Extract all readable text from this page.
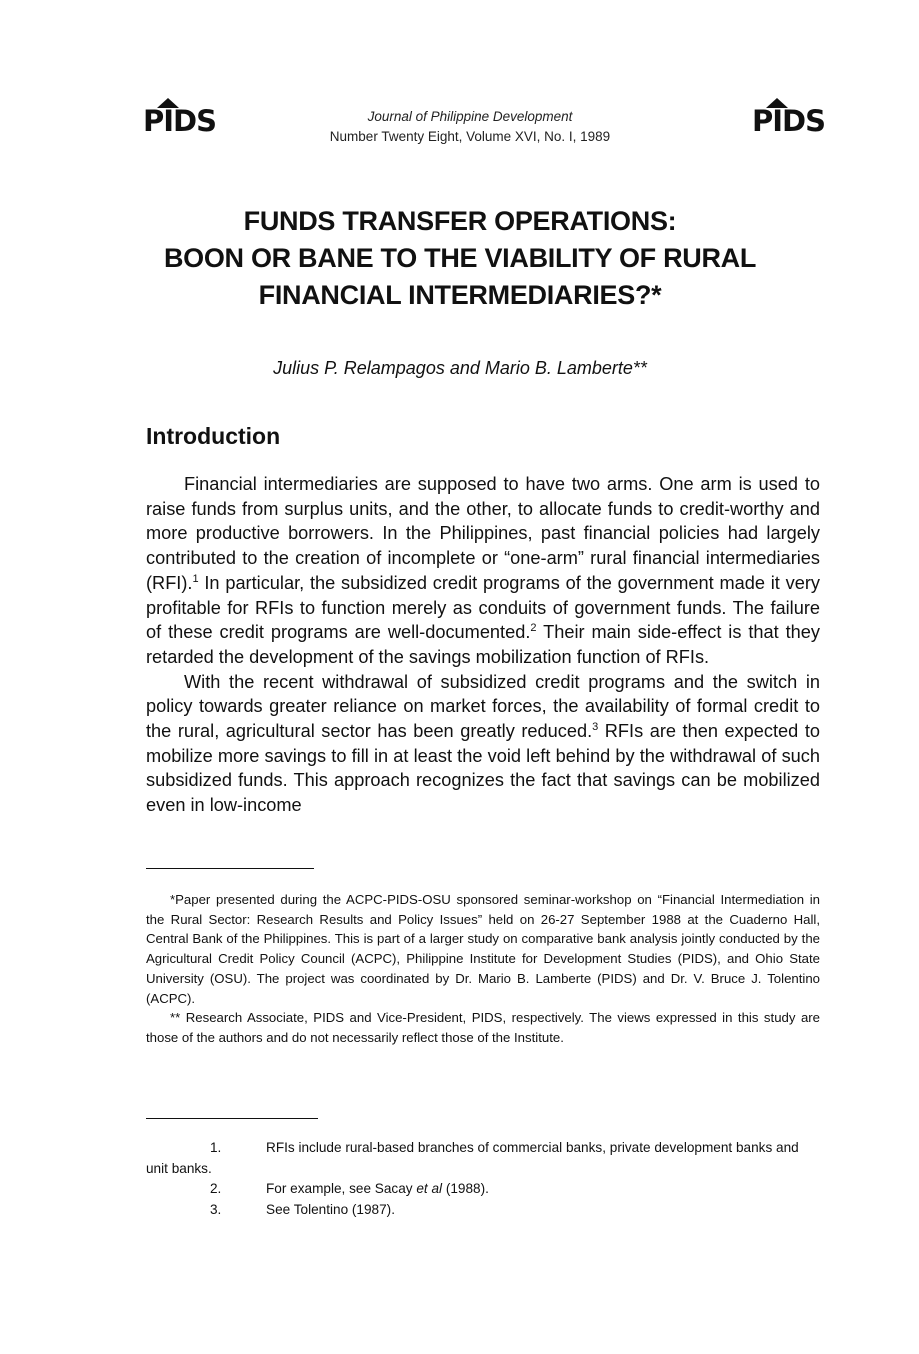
PIDS	Journal of Philippine Development
Number Twenty Eight, Volume XVI, No. I, 1989	PIDS
FUNDS TRANSFER OPERATIONS:
BOON OR BANE TO THE VIABILITY OF RURAL
FINANCIAL INTERMEDIARIES?*
Julius P. Relampagos and Mario B. Lamberte**
Introduction

Financial intermediaries are supposed to have two arms. One arm is used to raise funds from surplus units, and the other, to allocate funds to credit-worthy and more productive borrowers. In the Philippines, past financial policies had largely contributed to the creation of incomplete or “one-arm” rural financial intermediaries (RFI).$^1$ In particular, the subsidized credit programs of the government made it very profitable for RFIs to function merely as conduits of government funds. The failure of these credit programs are well-documented.$^2$ Their main side-effect is that they retarded the development of the savings mobilization function of RFIs.

With the recent withdrawal of subsidized credit programs and the switch in policy towards greater reliance on market forces, the availability of formal credit to the rural, agricultural sector has been greatly reduced.$^3$ RFIs are then expected to mobilize more savings to fill in at least the void left behind by the withdrawal of such subsidized funds. This approach recognizes the fact that savings can be mobilized even in low-income

*Paper presented during the ACPC-PIDS-OSU sponsored seminar-workshop on “Financial Intermediation in the Rural Sector: Research Results and Policy Issues” held on 26-27 September 1988 at the Cuaderno Hall, Central Bank of the Philippines. This is part of a larger study on comparative bank analysis jointly conducted by the Agricultural Credit Policy Council (ACPC), Philippine Institute for Development Studies (PIDS), and Ohio State University (OSU). The project was coordinated by Dr. Mario B. Lamberte (PIDS) and Dr. V. Bruce J. Tolentino (ACPC).

** Research Associate, PIDS and Vice-President, PIDS, respectively. The views expressed in this study are those of the authors and do not necessarily reflect those of the Institute.

1.	RFIs include rural-based branches of commercial banks, private development banks and unit banks.
2.	For example, see Sacay et al (1988).
3.	See Tolentino (1987).
